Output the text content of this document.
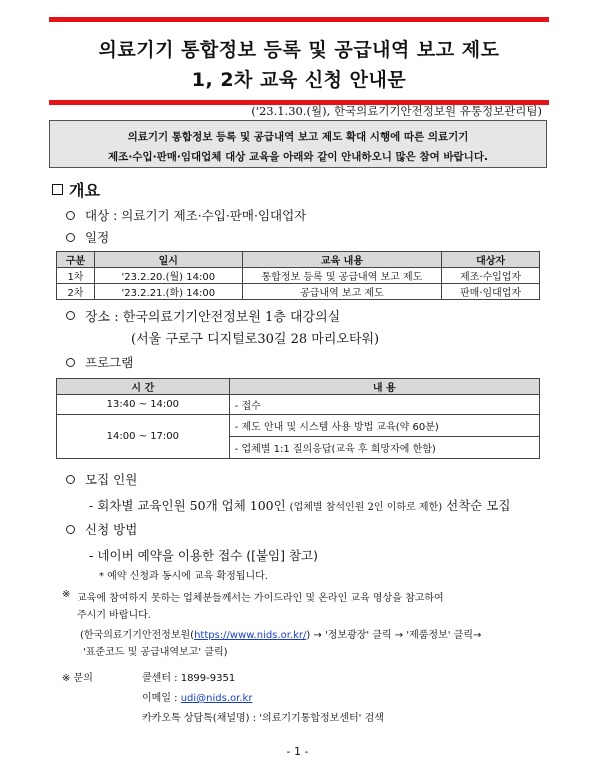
의료기기 통합정보 등록 및 공급내역 보고 제도
1, 2차 교육 신청 안내문
('23.1.30.(월), 한국의료기기안전정보원 유통정보관리팀)
의료기기 통합정보 등록 및 공급내역 보고 제도 확대 시행에 따른 의료기기
제조·수입·판매·임대업체 대상 교육을 아래와 같이 안내하오니 많은 참여 바랍니다.
개요
대상 : 의료기기 제조·수입·판매·임대업자
일정
구분	일시	교육 내용	대상자
1차	'23.2.20.(월) 14:00	통합정보 등록 및 공급내역 보고 제도	제조·수입업자
2차	'23.2.21.(화) 14:00	공급내역 보고 제도	판매·임대업자
장소 : 한국의료기기안전정보원 1층 대강의실
(서울 구로구 디지털로30길 28 마리오타워)
프로그램
시 간	내 용
13:40 ~ 14:00	- 접수
14:00 ~ 17:00	- 제도 안내 및 시스템 사용 방법 교육(약 60분)
	- 업체별 1:1 질의응답(교육 후 희망자에 한함)
모집 인원
- 회차별 교육인원 50개 업체 100인 (업체별 참석인원 2인 이하로 제한) 선착순 모집
신청 방법
- 네이버 예약을 이용한 접수 ([붙임] 참고)
* 예약 신청과 동시에 교육 확정됩니다.
※ 교육에 참여하지 못하는 업체분들께서는 가이드라인 및 온라인 교육 영상을 참고하여
주시기 바랍니다.
(한국의료기기안전정보원(https://www.nids.or.kr/) → '정보광장' 클릭 → '제품정보' 클릭→
'표준코드 및 공급내역보고' 클릭)
※ 문의	콜센터 : 1899-9351
이메일 : udi@nids.or.kr
카카오톡 상담톡(채널명) : '의료기기통합정보센터' 검색
- 1 -
